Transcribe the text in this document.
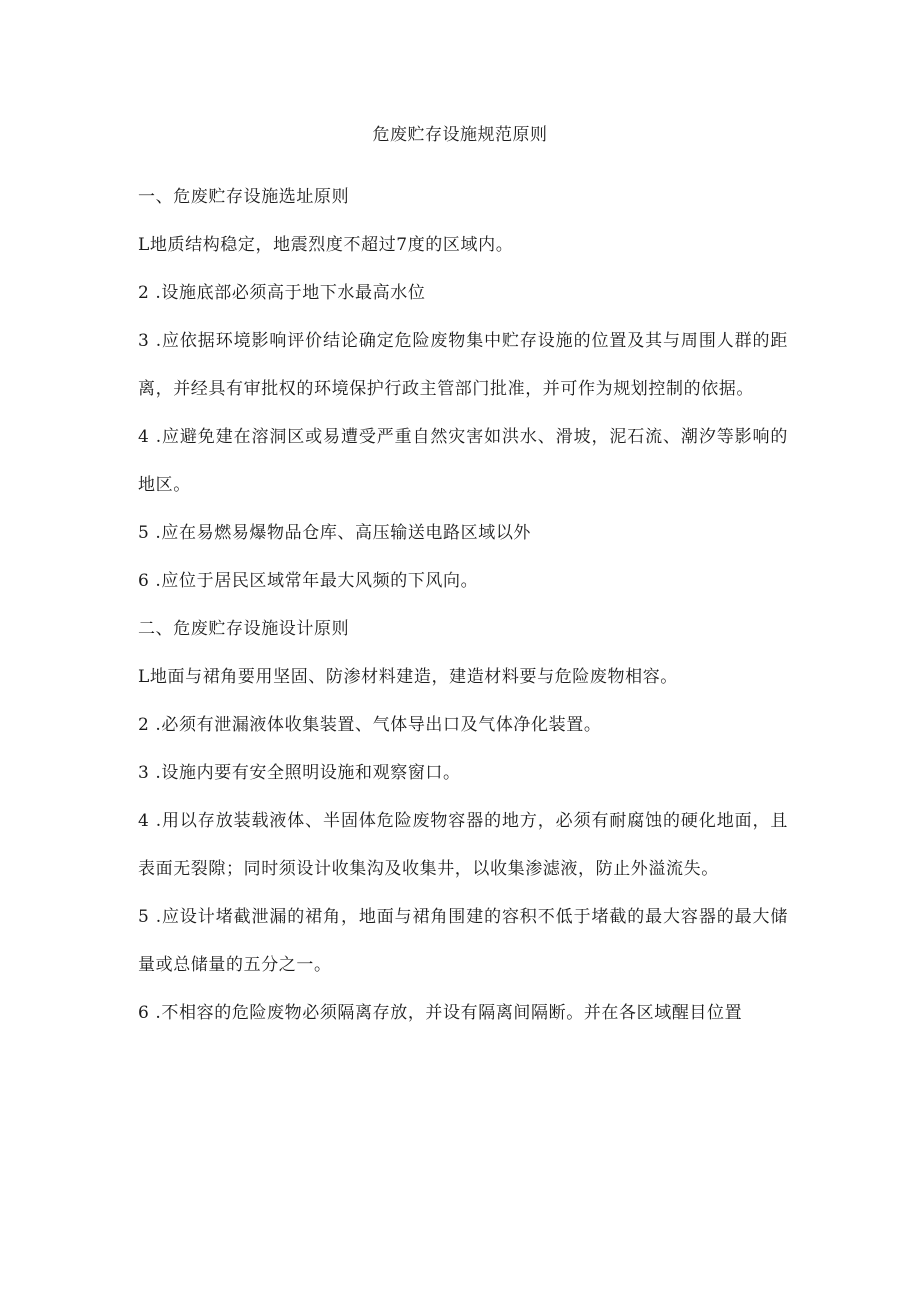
危废贮存设施规范原则

一、危废贮存设施选址原则

L地质结构稳定，地震烈度不超过7度的区域内。

2 .设施底部必须高于地下水最高水位

3 .应依据环境影响评价结论确定危险废物集中贮存设施的位置及其与周围人群的距离，并经具有审批权的环境保护行政主管部门批准，并可作为规划控制的依据。

4 .应避免建在溶洞区或易遭受严重自然灾害如洪水、滑坡，泥石流、潮汐等影响的地区。

5 .应在易燃易爆物品仓库、高压输送电路区域以外

6 .应位于居民区域常年最大风频的下风向。

二、危废贮存设施设计原则

L地面与裙角要用坚固、防渗材料建造，建造材料要与危险废物相容。

2 .必须有泄漏液体收集装置、气体导出口及气体净化装置。

3 .设施内要有安全照明设施和观察窗口。

4 .用以存放装载液体、半固体危险废物容器的地方，必须有耐腐蚀的硬化地面，且表面无裂隙；同时须设计收集沟及收集井，以收集渗滤液，防止外溢流失。

5 .应设计堵截泄漏的裙角，地面与裙角围建的容积不低于堵截的最大容器的最大储量或总储量的五分之一。

6 .不相容的危险废物必须隔离存放，并设有隔离间隔断。并在各区域醒目位置
